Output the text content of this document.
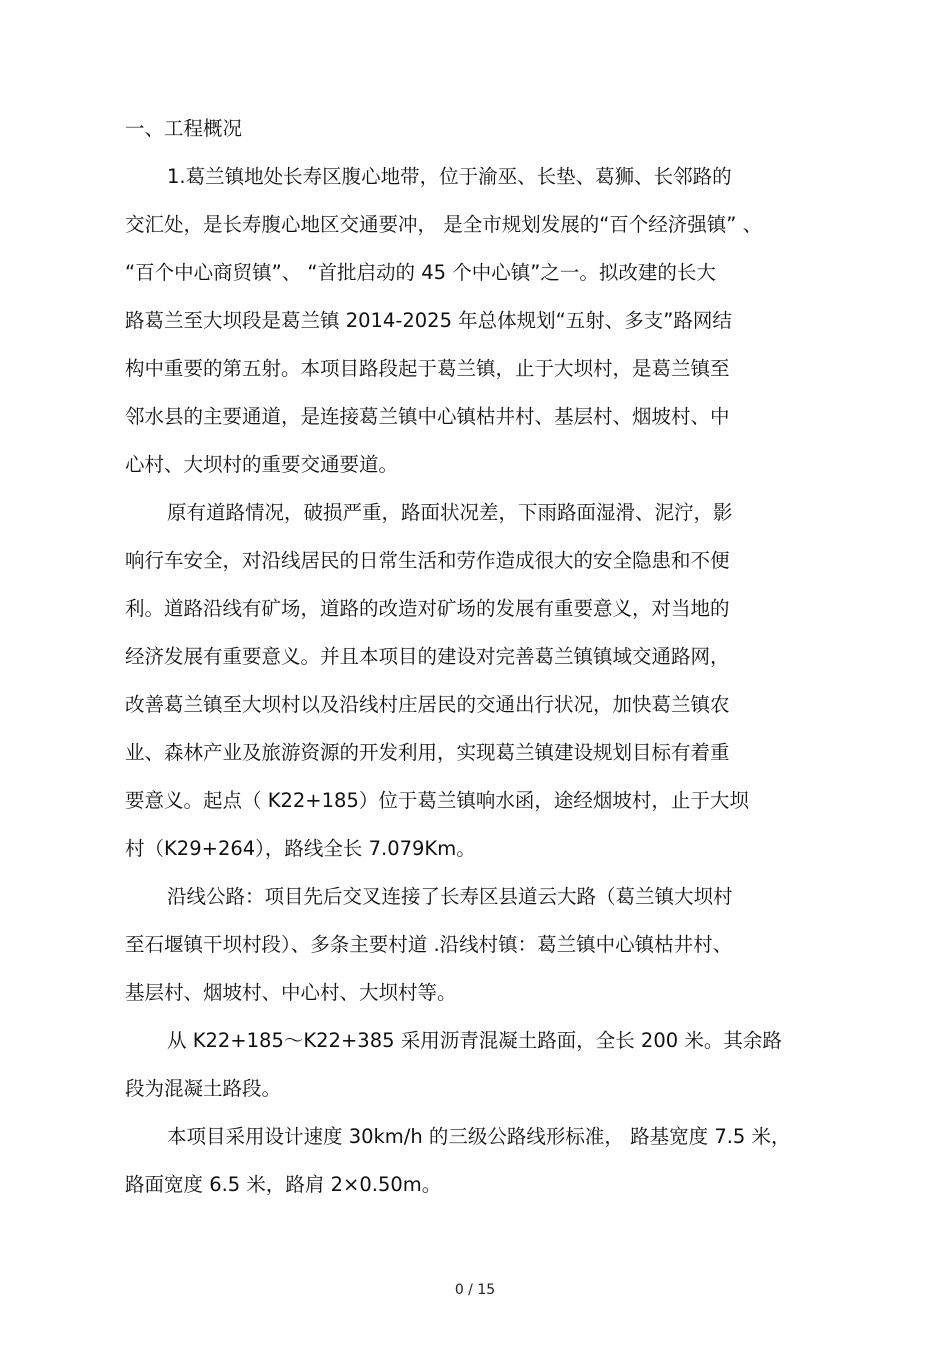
一、工程概况
1.葛兰镇地处长寿区腹心地带，位于渝巫、长垫、葛狮、长邻路的
交汇处，是长寿腹心地区交通要冲， 是全市规划发展的“百个经济强镇” 、
“百个中心商贸镇”、 “首批启动的 45 个中心镇”之一。拟改建的长大
路葛兰至大坝段是葛兰镇 2014-2025 年总体规划“五射、多支”路网结
构中重要的第五射。本项目路段起于葛兰镇，止于大坝村，是葛兰镇至
邻水县的主要通道，是连接葛兰镇中心镇枯井村、基层村、烟坡村、中
心村、大坝村的重要交通要道。
原有道路情况，破损严重，路面状况差，下雨路面湿滑、泥泞，影
响行车安全，对沿线居民的日常生活和劳作造成很大的安全隐患和不便
利。道路沿线有矿场，道路的改造对矿场的发展有重要意义，对当地的
经济发展有重要意义。并且本项目的建设对完善葛兰镇镇域交通路网，
改善葛兰镇至大坝村以及沿线村庄居民的交通出行状况，加快葛兰镇农
业、森林产业及旅游资源的开发利用，实现葛兰镇建设规划目标有着重
要意义。起点（ K22+185）位于葛兰镇响水函，途经烟坡村，止于大坝
村（K29+264），路线全长 7.079Km。
沿线公路：项目先后交叉连接了长寿区县道云大路（葛兰镇大坝村
至石堰镇干坝村段）、多条主要村道 .沿线村镇：葛兰镇中心镇枯井村、
基层村、烟坡村、中心村、大坝村等。
从 K22+185～K22+385 采用沥青混凝土路面，全长 200 米。其余路
段为混凝土路段。
本项目采用设计速度 30km/h 的三级公路线形标准， 路基宽度 7.5 米，
路面宽度 6.5 米，路肩 2×0.50m。
0 / 15
